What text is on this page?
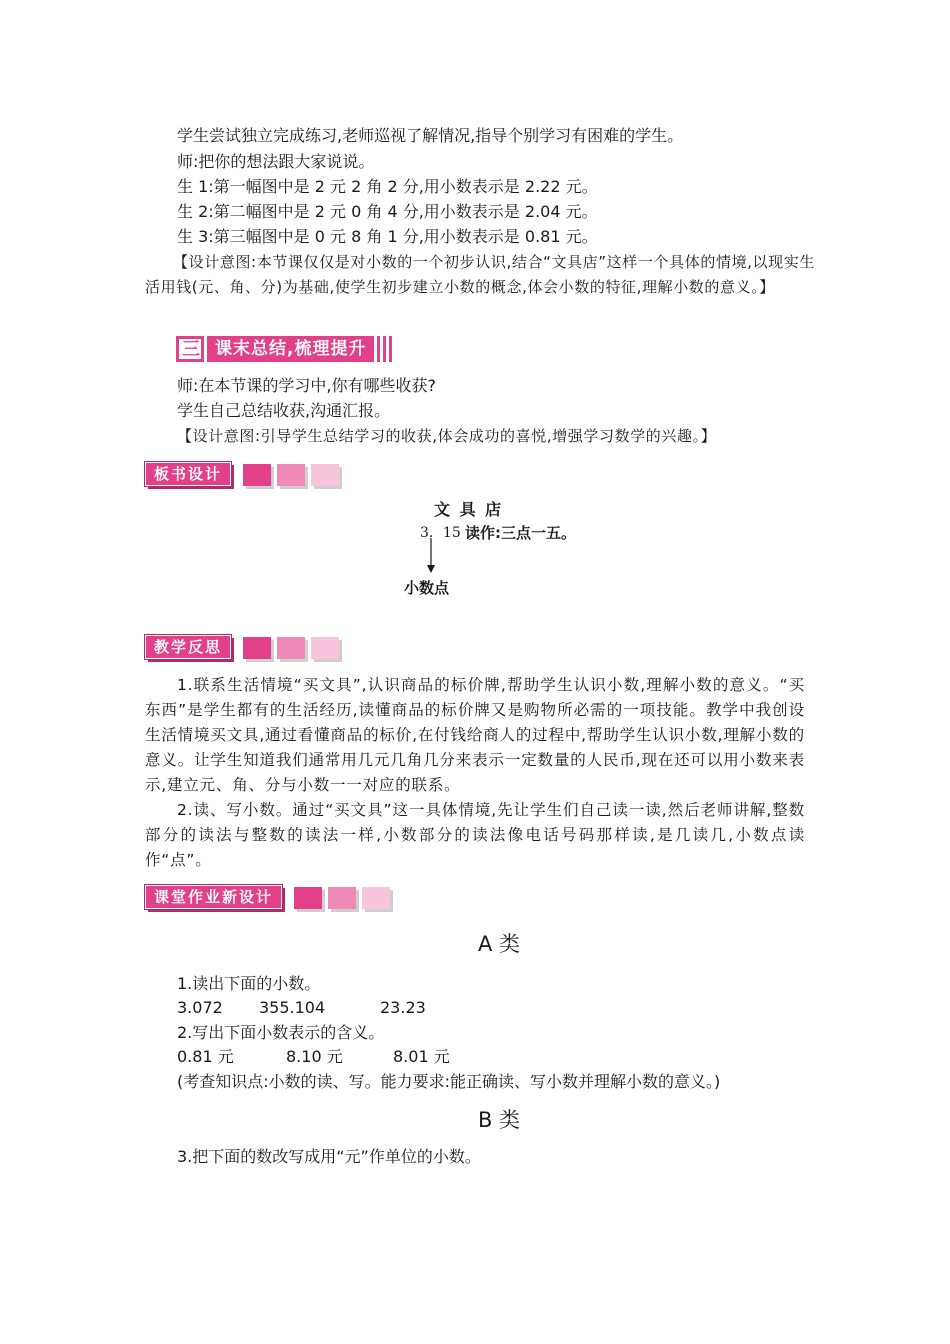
学生尝试独立完成练习,老师巡视了解情况,指导个别学习有困难的学生。
师:把你的想法跟大家说说。
生 1:第一幅图中是 2 元 2 角 2 分,用小数表示是 2.22 元。
生 2:第二幅图中是 2 元 0 角 4 分,用小数表示是 2.04 元。
生 3:第三幅图中是 0 元 8 角 1 分,用小数表示是 0.81 元。
【设计意图:本节课仅仅是对小数的一个初步认识,结合“文具店”这样一个具体的情境,以现实生活用钱(元、角、分)为基础,使学生初步建立小数的概念,体会小数的特征,理解小数的意义。】
三 课末总结,梳理提升
师:在本节课的学习中,你有哪些收获?
学生自己总结收获,沟通汇报。
【设计意图:引导学生总结学习的收获,体会成功的喜悦,增强学习数学的兴趣。】
板书设计
文 具 店
3．15 读作:三点一五。
小数点
教学反思
1.联系生活情境“买文具”,认识商品的标价牌,帮助学生认识小数,理解小数的意义。“买东西”是学生都有的生活经历,读懂商品的标价牌又是购物所必需的一项技能。教学中我创设生活情境买文具,通过看懂商品的标价,在付钱给商人的过程中,帮助学生认识小数,理解小数的意义。让学生知道我们通常用几元几角几分来表示一定数量的人民币,现在还可以用小数来表示,建立元、角、分与小数一一对应的联系。
2.读、写小数。通过“买文具”这一具体情境,先让学生们自己读一读,然后老师讲解,整数部分的读法与整数的读法一样,小数部分的读法像电话号码那样读,是几读几,小数点读作“点”。
课堂作业新设计
A 类
1.读出下面的小数。
3.072 355.104	23.23
2.写出下面小数表示的含义。
0.81 元	8.10 元	8.01 元
(考查知识点:小数的读、写。能力要求:能正确读、写小数并理解小数的意义。)
B 类
3.把下面的数改写成用“元”作单位的小数。
